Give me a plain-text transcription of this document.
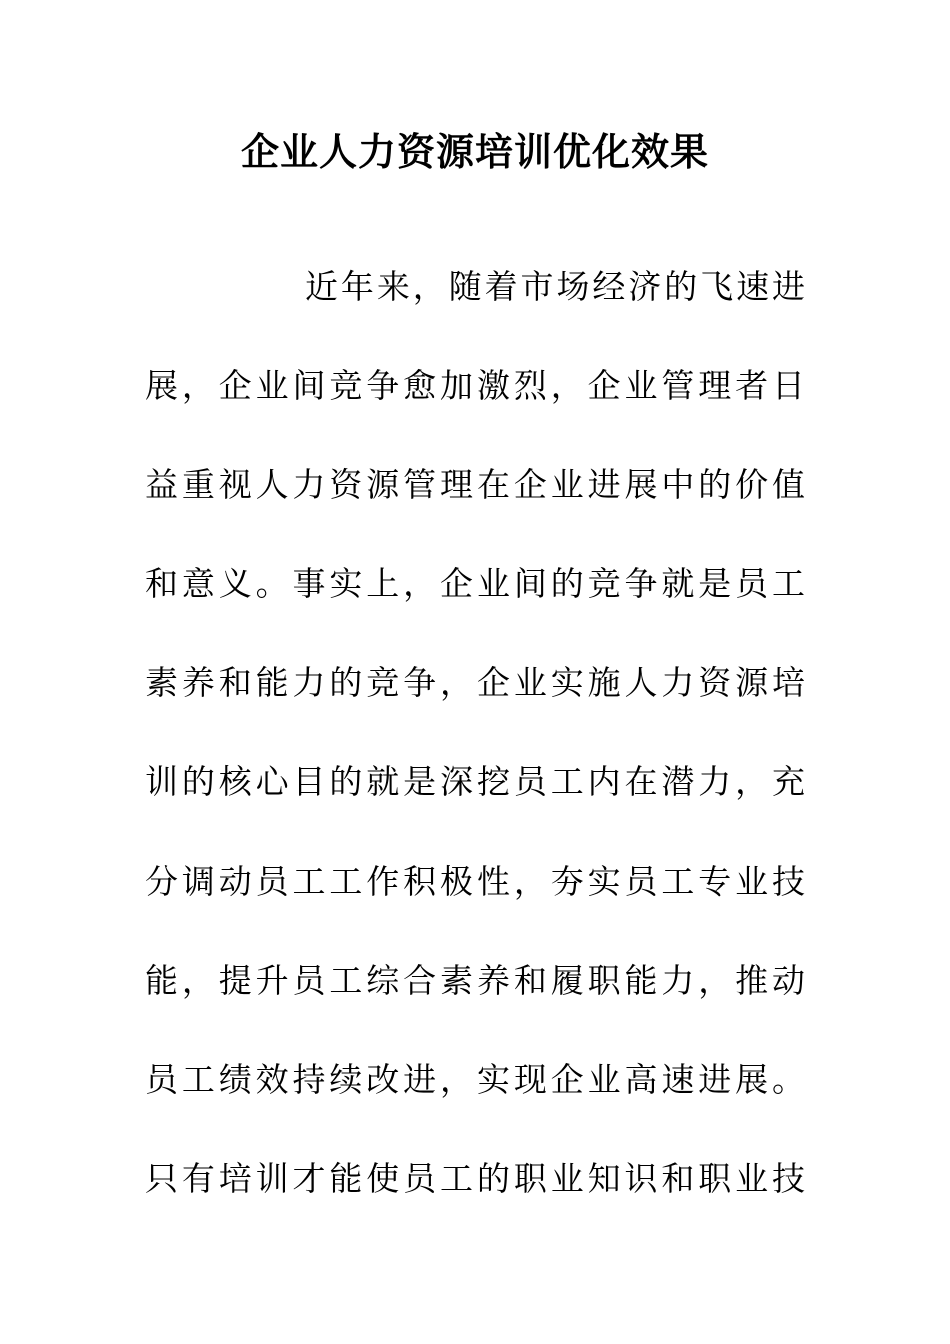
企业人力资源培训优化效果
近年来，随着市场经济的飞速进
展，企业间竞争愈加激烈，企业管理者日
益重视人力资源管理在企业进展中的价值
和意义。事实上，企业间的竞争就是员工
素养和能力的竞争，企业实施人力资源培
训的核心目的就是深挖员工内在潜力，充
分调动员工工作积极性，夯实员工专业技
能，提升员工综合素养和履职能力，推动
员工绩效持续改进，实现企业高速进展。
只有培训才能使员工的职业知识和职业技
